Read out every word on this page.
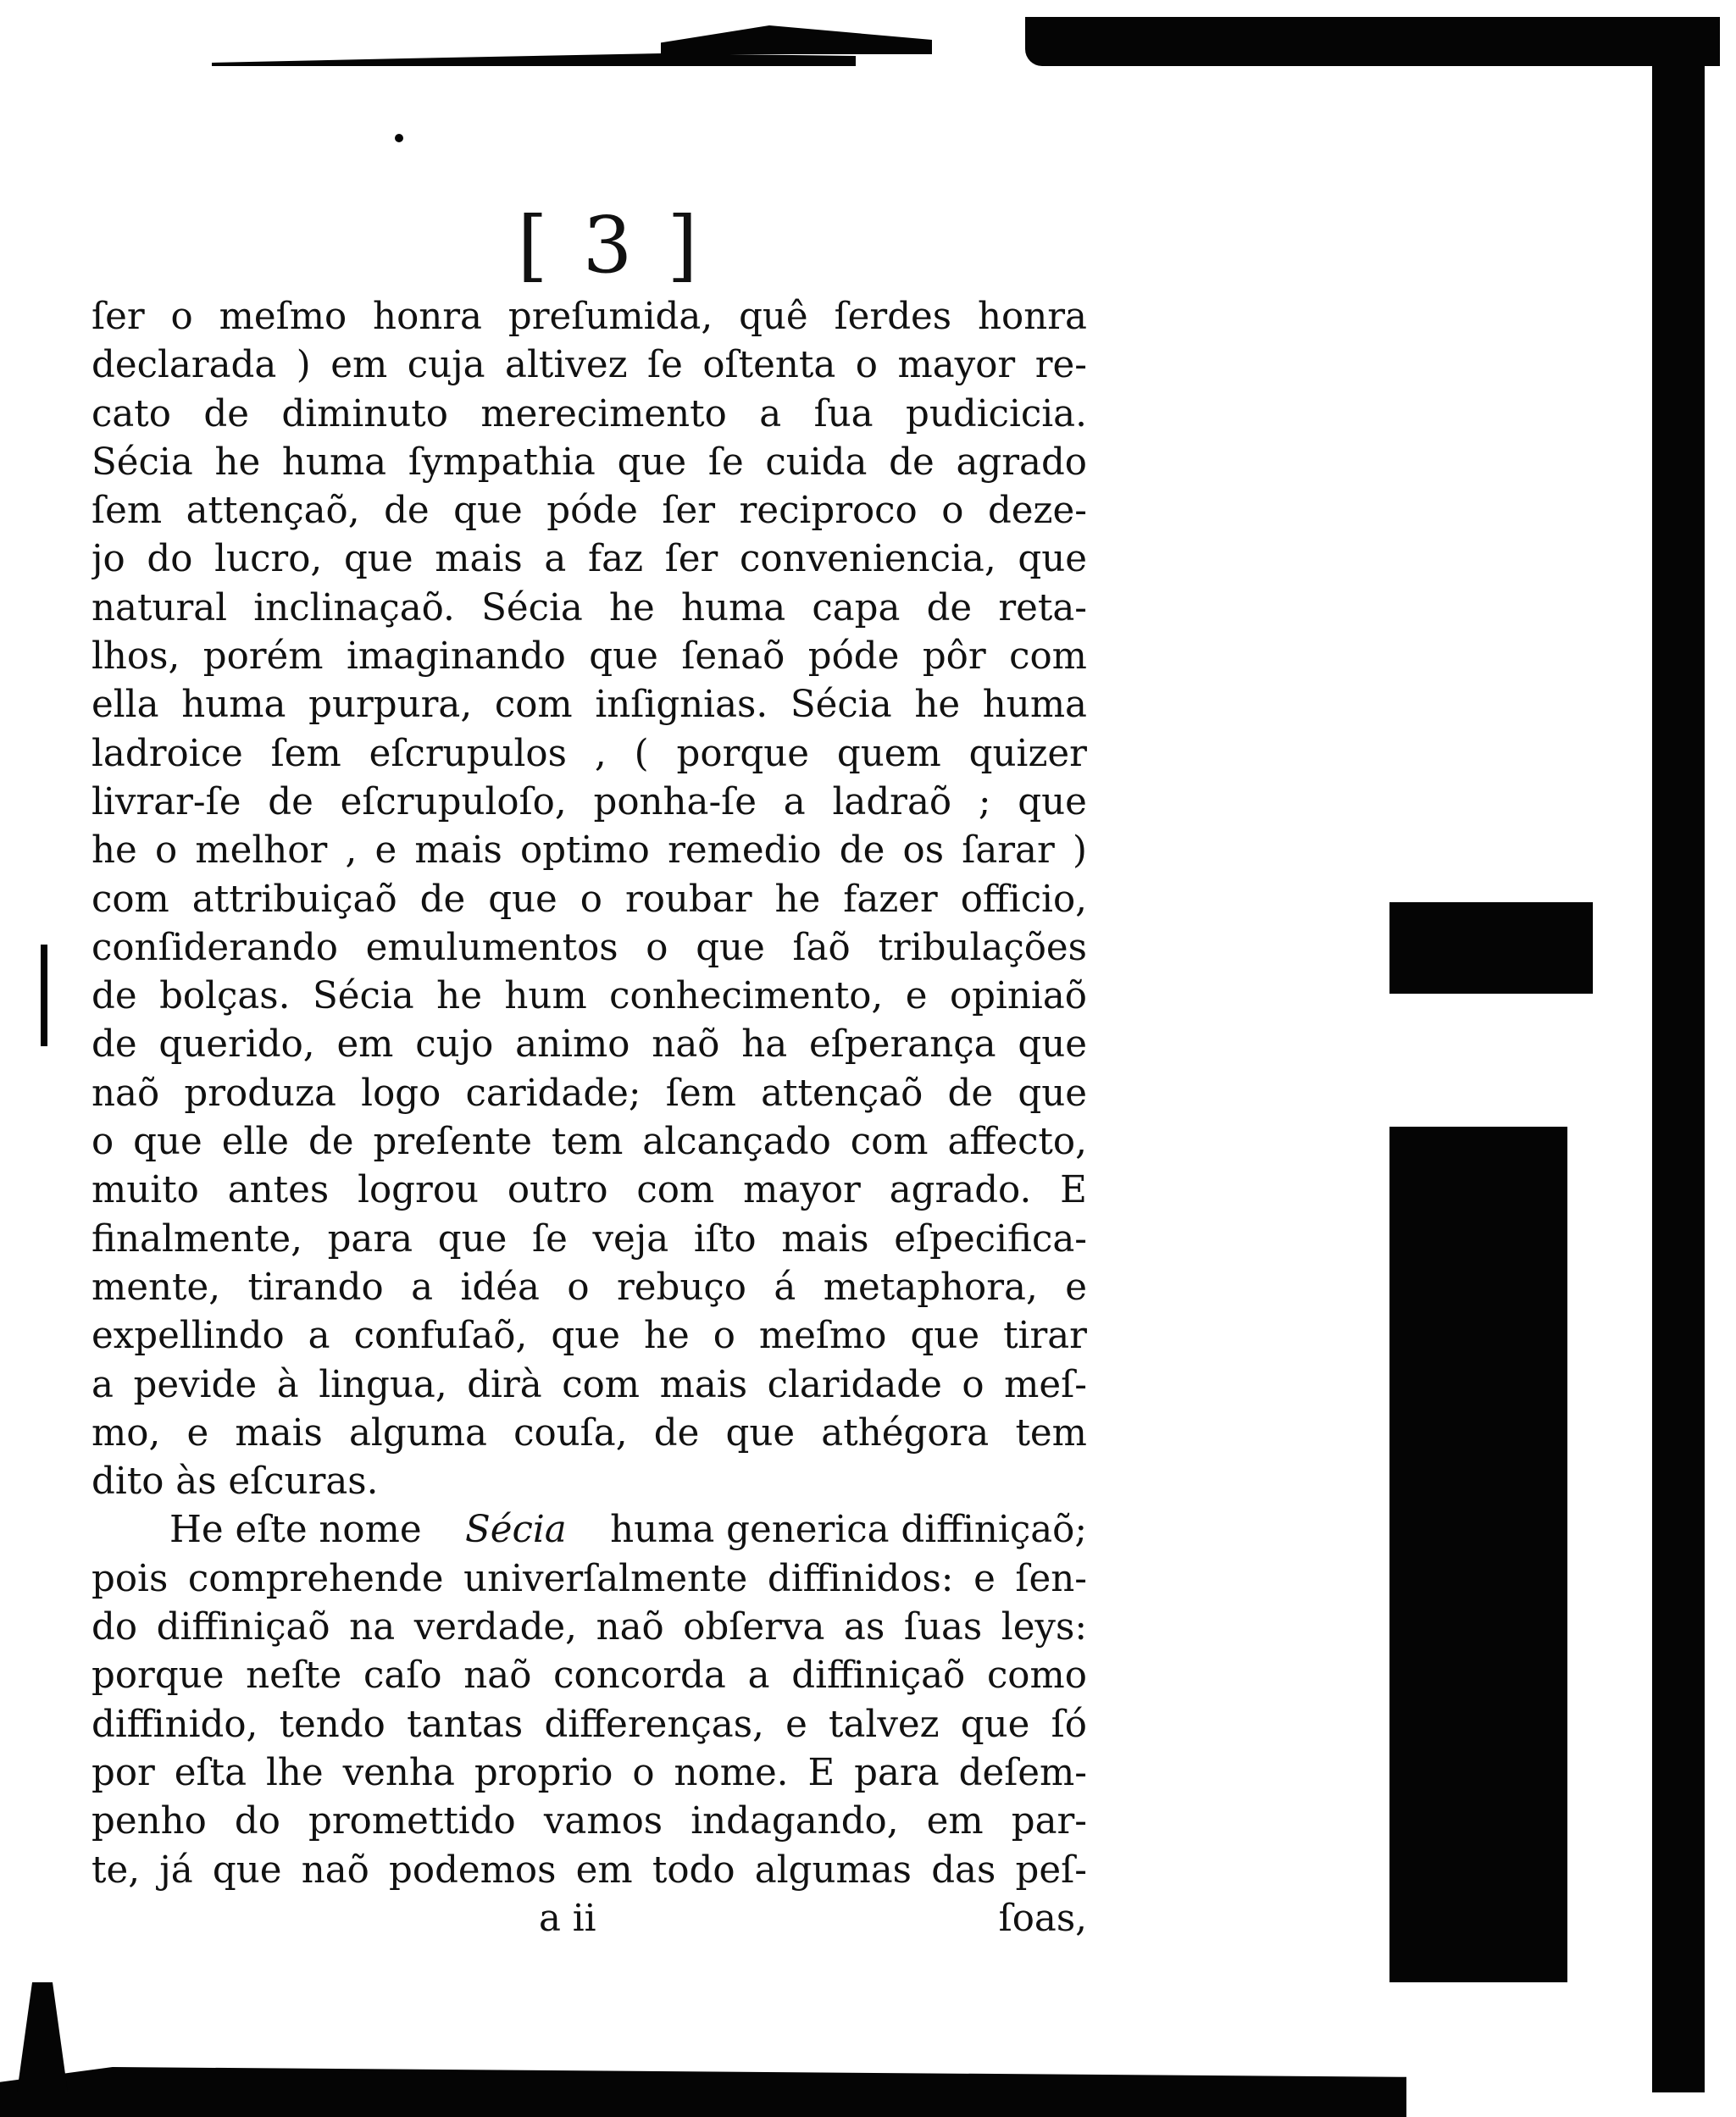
[ 3 ]
ſer o meſmo honra preſumida, quê ſerdes honra
declarada ) em cuja altivez ſe oſtenta o mayor re-
cato de diminuto merecimento a ſua pudicicia.
Sécia he huma ſympathia que ſe cuida de agrado
ſem attençaõ, de que póde ſer reciproco o deze-
jo do lucro, que mais a faz ſer conveniencia, que
natural inclinaçaõ. Sécia he huma capa de reta-
lhos, porém imaginando que ſenaõ póde pôr com
ella huma purpura, com inſignias. Sécia he huma
ladroice ſem eſcrupulos , ( porque quem quizer
livrar-ſe de eſcrupuloſo, ponha-ſe a ladraõ ; que
he o melhor , e mais optimo remedio de os ſarar )
com attribuiçaõ de que o roubar he fazer officio,
conſiderando emulumentos o que ſaõ tribulações
de bolças. Sécia he hum conhecimento, e opiniaõ
de querido, em cujo animo naõ ha eſperança que
naõ produza logo caridade; ſem attençaõ de que
o que elle de preſente tem alcançado com affecto,
muito antes logrou outro com mayor agrado. E
finalmente, para que ſe veja iſto mais eſpecifica-
mente, tirando a idéa o rebuço á metaphora, e
expellindo a confuſaõ, que he o meſmo que tirar
a pevide à lingua, dirà com mais claridade o meſ-
mo, e mais alguma couſa, de que athégora tem
dito às eſcuras.
He eſte nome Sécia huma generica diffiniçaõ;
pois comprehende univerſalmente diffinidos: e ſen-
do diffiniçaõ na verdade, naõ obſerva as ſuas leys:
porque neſte caſo naõ concorda a diffiniçaõ como
diffinido, tendo tantas differenças, e talvez que ſó
por eſta lhe venha proprio o nome. E para deſem-
penho do promettido vamos indagando, em par-
te, já que naõ podemos em todo algumas das peſ-
a ii	ſoas,
